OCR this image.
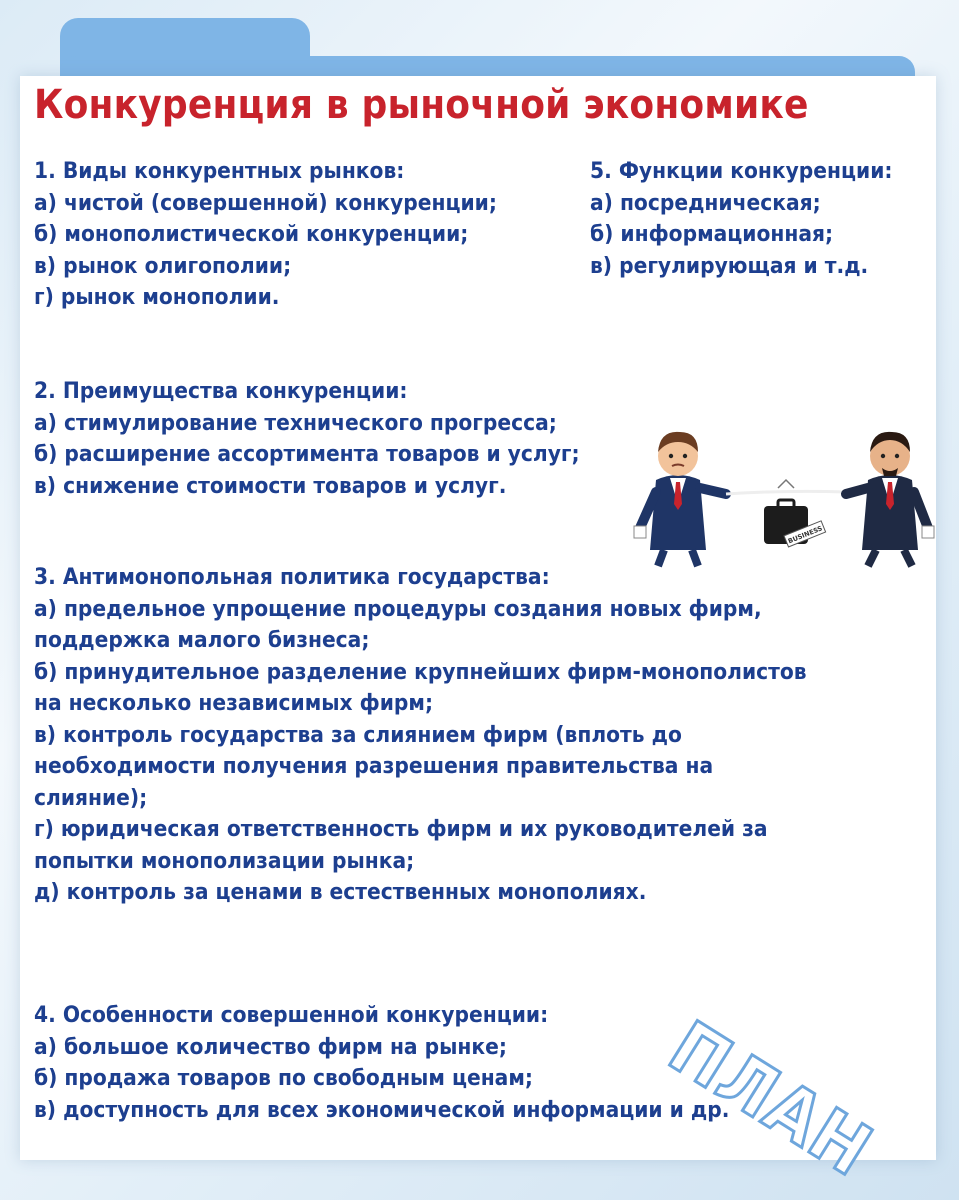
Конкуренция в рыночной экономике
1. Виды конкурентных рынков:
а) чистой (совершенной) конкуренции;
б) монополистической конкуренции;
в) рынок олигополии;
г) рынок монополии.
5. Функции конкуренции:
а) посредническая;
б) информационная;
в) регулирующая и т.д.
2. Преимущества конкуренции:
а) стимулирование технического прогресса;
б) расширение ассортимента товаров и услуг;
в) снижение стоимости товаров и услуг.
3. Антимонопольная политика государства:
а) предельное упрощение процедуры создания новых фирм,
поддержка малого бизнеса;
б) принудительное разделение крупнейших фирм-монополистов
на несколько независимых фирм;
в) контроль государства за слиянием фирм (вплоть до
необходимости получения разрешения правительства на
слияние);
г) юридическая ответственность фирм и их руководителей за
попытки монополизации рынка;
д) контроль за ценами в естественных монополиях.
4. Особенности совершенной конкуренции:
а) большое количество фирм на рынке;
б) продажа товаров по свободным ценам;
в) доступность для всех экономической информации и др.
BUSINESS
ПЛАН
